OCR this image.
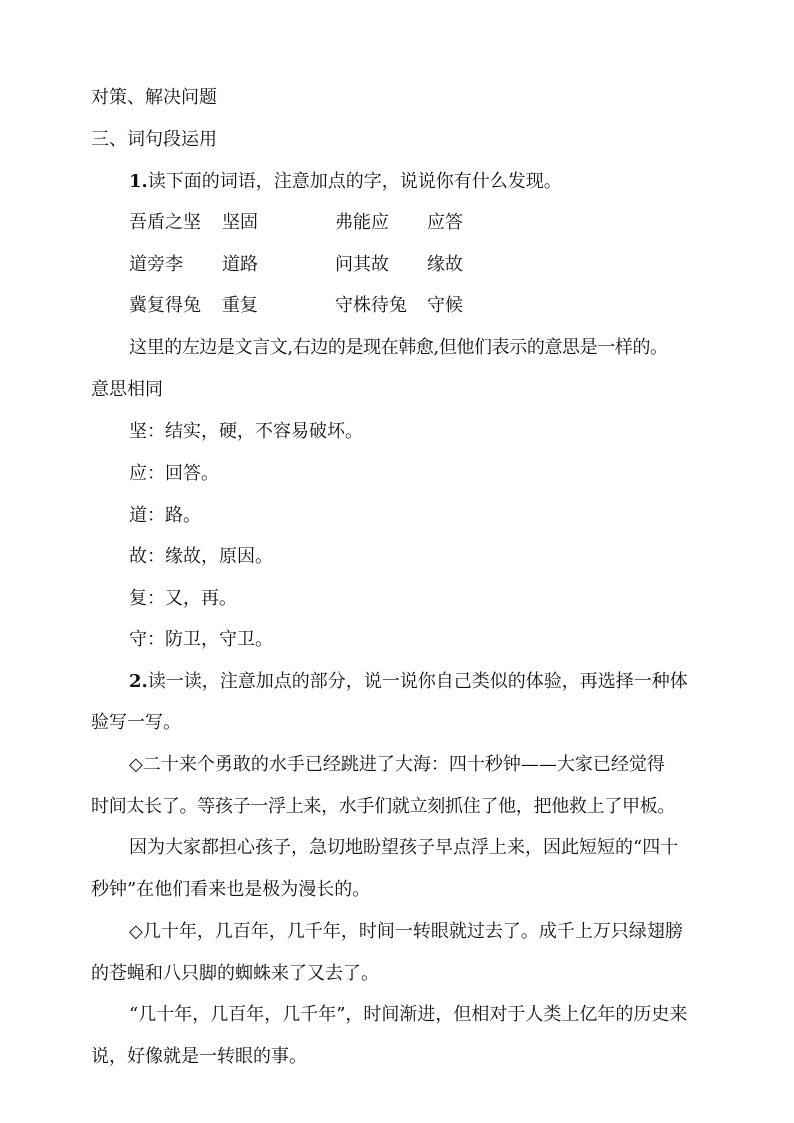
对策、解决问题
三、词句段运用
1.读下面的词语，注意加点的字，说说你有什么发现。
吾盾之坚 坚固	弗能应 应答
道旁李 道路	问其故 缘故
冀复得兔 重复	守株待兔 守候
这里的左边是文言文,右边的是现在韩愈,但他们表示的意思是一样的。
意思相同
坚：结实，硬，不容易破坏。
应：回答。
道：路。
故：缘故，原因。
复：又，再。
守：防卫，守卫。
2.读一读，注意加点的部分，说一说你自己类似的体验，再选择一种体
验写一写。
◇二十来个勇敢的水手已经跳进了大海：四十秒钟——大家已经觉得
时间太长了。等孩子一浮上来，水手们就立刻抓住了他，把他救上了甲板。
因为大家都担心孩子，急切地盼望孩子早点浮上来，因此短短的“四十
秒钟”在他们看来也是极为漫长的。
◇几十年，几百年，几千年，时间一转眼就过去了。成千上万只绿翅膀
的苍蝇和八只脚的蜘蛛来了又去了。
“几十年，几百年，几千年”，时间渐进，但相对于人类上亿年的历史来
说，好像就是一转眼的事。
